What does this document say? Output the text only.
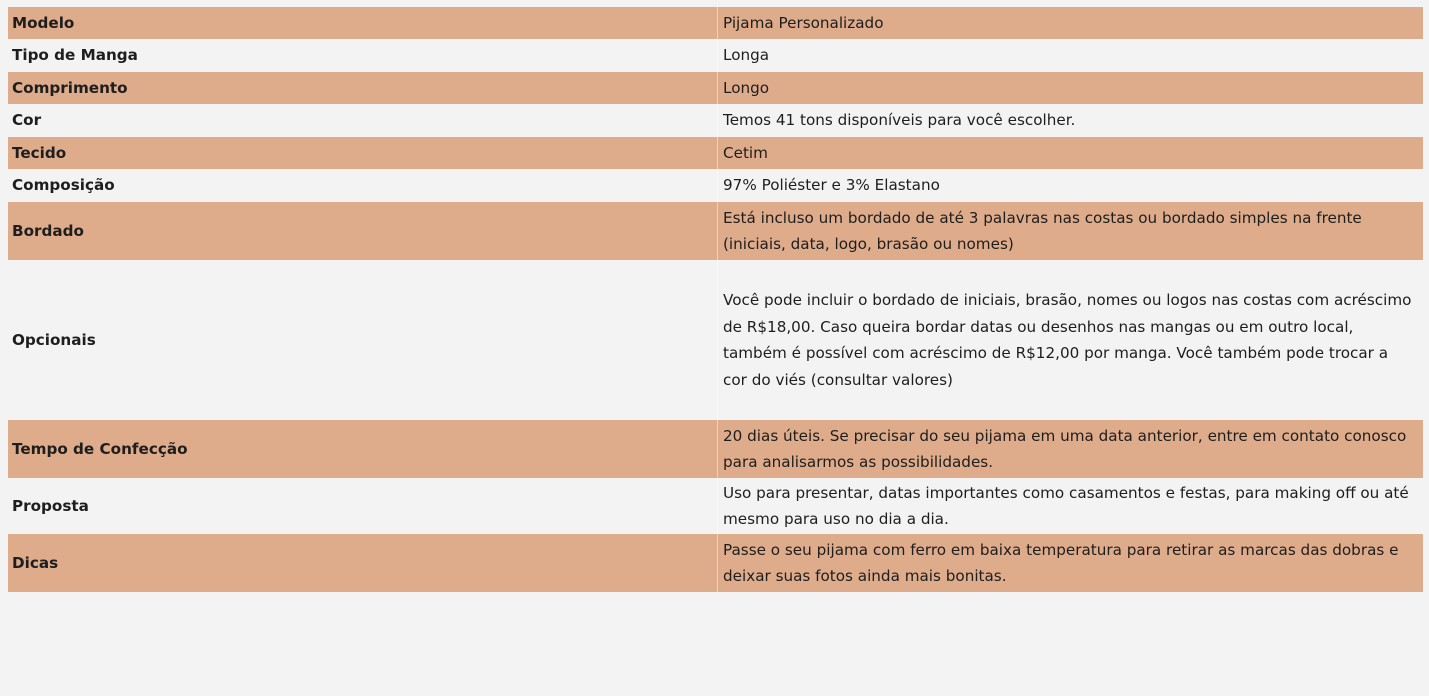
Modelo	Pijama Personalizado
Tipo de Manga	Longa
Comprimento	Longo
Cor	Temos 41 tons disponíveis para você escolher.
Tecido	Cetim
Composição	97% Poliéster e 3% Elastano
Bordado	Está incluso um bordado de até 3 palavras nas costas ou bordado simples na frente (iniciais, data, logo, brasão ou nomes)
Opcionais	Você pode incluir o bordado de iniciais, brasão, nomes ou logos nas costas com acréscimo de R$18,00. Caso queira bordar datas ou desenhos nas mangas ou em outro local, também é possível com acréscimo de R$12,00 por manga. Você também pode trocar a cor do viés (consultar valores)
Tempo de Confecção	20 dias úteis. Se precisar do seu pijama em uma data anterior, entre em contato conosco para analisarmos as possibilidades.
Proposta	Uso para presentar, datas importantes como casamentos e festas, para making off ou até mesmo para uso no dia a dia.
Dicas	Passe o seu pijama com ferro em baixa temperatura para retirar as marcas das dobras e deixar suas fotos ainda mais bonitas.
